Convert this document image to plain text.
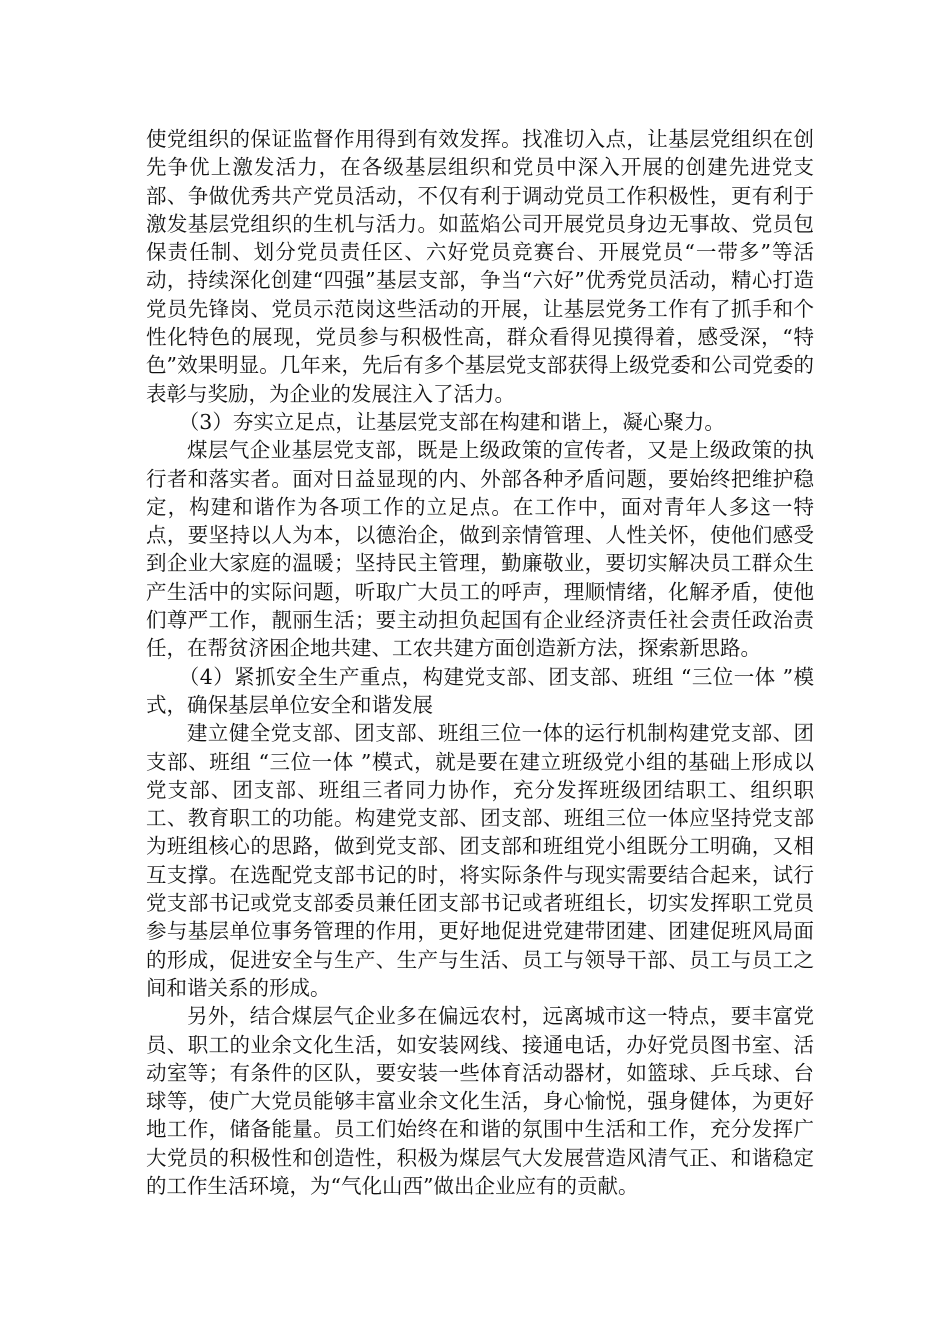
使党组织的保证监督作用得到有效发挥。找准切入点，让基层党组织在创先争优上激发活力，在各级基层组织和党员中深入开展的创建先进党支部、争做优秀共产党员活动，不仅有利于调动党员工作积极性，更有利于激发基层党组织的生机与活力。如蓝焰公司开展党员身边无事故、党员包保责任制、划分党员责任区、六好党员竞赛台、开展党员“一带多”等活动，持续深化创建“四强”基层支部，争当“六好”优秀党员活动，精心打造党员先锋岗、党员示范岗这些活动的开展，让基层党务工作有了抓手和个性化特色的展现，党员参与积极性高，群众看得见摸得着，感受深，“特色”效果明显。几年来，先后有多个基层党支部获得上级党委和公司党委的表彰与奖励，为企业的发展注入了活力。

（3）夯实立足点，让基层党支部在构建和谐上，凝心聚力。

煤层气企业基层党支部，既是上级政策的宣传者，又是上级政策的执行者和落实者。面对日益显现的内、外部各种矛盾问题，要始终把维护稳定，构建和谐作为各项工作的立足点。在工作中，面对青年人多这一特点，要坚持以人为本，以德治企，做到亲情管理、人性关怀，使他们感受到企业大家庭的温暖；坚持民主管理，勤廉敬业，要切实解决员工群众生产生活中的实际问题，听取广大员工的呼声，理顺情绪，化解矛盾，使他们尊严工作，靓丽生活；要主动担负起国有企业经济责任社会责任政治责任，在帮贫济困企地共建、工农共建方面创造新方法，探索新思路。

（4）紧抓安全生产重点，构建党支部、团支部、班组 “三位一体 ”模式，确保基层单位安全和谐发展

建立健全党支部、团支部、班组三位一体的运行机制构建党支部、团支部、班组 “三位一体 ”模式，就是要在建立班级党小组的基础上形成以党支部、团支部、班组三者同力协作，充分发挥班级团结职工、组织职工、教育职工的功能。构建党支部、团支部、班组三位一体应坚持党支部为班组核心的思路，做到党支部、团支部和班组党小组既分工明确，又相互支撑。在选配党支部书记的时，将实际条件与现实需要结合起来，试行党支部书记或党支部委员兼任团支部书记或者班组长，切实发挥职工党员参与基层单位事务管理的作用，更好地促进党建带团建、团建促班风局面的形成，促进安全与生产、生产与生活、员工与领导干部、员工与员工之间和谐关系的形成。

另外，结合煤层气企业多在偏远农村，远离城市这一特点，要丰富党员、职工的业余文化生活，如安装网线、接通电话，办好党员图书室、活动室等；有条件的区队，要安装一些体育活动器材，如篮球、乒乓球、台球等，使广大党员能够丰富业余文化生活，身心愉悦，强身健体，为更好地工作，储备能量。员工们始终在和谐的氛围中生活和工作，充分发挥广大党员的积极性和创造性，积极为煤层气大发展营造风清气正、和谐稳定的工作生活环境，为“气化山西”做出企业应有的贡献。
